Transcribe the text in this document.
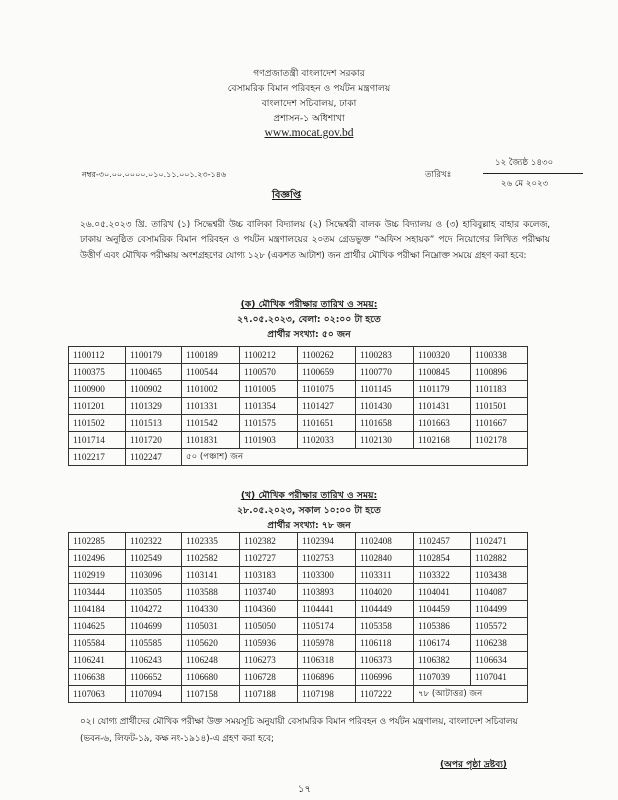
গণপ্রজাতন্ত্রী বাংলাদেশ সরকার
বেসামরিক বিমান পরিবহন ও পর্যটন মন্ত্রণালয়
বাংলাদেশ সচিবালয়, ঢাকা
প্রশাসন-১ অধিশাখা
www.mocat.gov.bd
নম্বর-৩০.০০.০০০০.০১০.১১.০০১.২৩-১৪৬	তারিখঃ
১২ জ্যৈষ্ঠ ১৪৩০
২৬ মে ২০২৩
বিজ্ঞপ্তি
২৬.০৫.২০২৩ খ্রি. তারিখ (১) সিদ্ধেশ্বরী উচ্চ বালিকা বিদ্যালয় (২) সিদ্ধেশ্বরী বালক উচ্চ বিদ্যালয় ও (৩) হাবিবুল্লাহ বাহার কলেজ, ঢাকায় অনুষ্ঠিত বেসামরিক বিমান পরিবহন ও পর্যটন মন্ত্রণালয়ের ২০তম গ্রেডভুক্ত “অফিস সহায়ক” পদে নিয়োগের লিখিত পরীক্ষায় উত্তীর্ণ এবং মৌখিক পরীক্ষায় অংশগ্রহণের যোগ্য ১২৮ (একশত আটাশ) জন প্রার্থীর মৌখিক পরীক্ষা নিম্নোক্ত সময়ে গ্রহণ করা হবে:
(ক) মৌখিক পরীক্ষার তারিখ ও সময়:
২৭.০৫.২০২৩, বেলা: ০২:০০ টা হতে
প্রার্থীর সংখ্যা: ৫০ জন
1100112	1100179	1100189	1100212	1100262	1100283	1100320	1100338
1100375	1100465	1100544	1100570	1100659	1100770	1100845	1100896
1100900	1100902	1101002	1101005	1101075	1101145	1101179	1101183
1101201	1101329	1101331	1101354	1101427	1101430	1101431	1101501
1101502	1101513	1101542	1101575	1101651	1101658	1101663	1101667
1101714	1101720	1101831	1101903	1102033	1102130	1102168	1102178
1102217	1102247	৫০ (পঞ্চাশ) জন					
(খ) মৌখিক পরীক্ষার তারিখ ও সময়:
২৮.০৫.২০২৩, সকাল ১০:০০ টা হতে
প্রার্থীর সংখ্যা: ৭৮ জন
1102285	1102322	1102335	1102382	1102394	1102408	1102457	1102471
1102496	1102549	1102582	1102727	1102753	1102840	1102854	1102882
1102919	1103096	1103141	1103183	1103300	1103311	1103322	1103438
1103444	1103505	1103588	1103740	1103893	1104020	1104041	1104087
1104184	1104272	1104330	1104360	1104441	1104449	1104459	1104499
1104625	1104699	1105031	1105050	1105174	1105358	1105386	1105572
1105584	1105585	1105620	1105936	1105978	1106118	1106174	1106238
1106241	1106243	1106248	1106273	1106318	1106373	1106382	1106634
1106638	1106652	1106680	1106728	1106896	1106996	1107039	1107041
1107063	1107094	1107158	1107188	1107198	1107222	৭৮ (আটাত্তর) জন	
০২। যোগ্য প্রার্থীদের মৌখিক পরীক্ষা উক্ত সময়সূচি অনুযায়ী বেসামরিক বিমান পরিবহন ও পর্যটন মন্ত্রণালয়, বাংলাদেশ সচিবালয় (ভবন-৬, লিফট-১৯, কক্ষ নং-১৯১৪)-এ গ্রহণ করা হবে;
(অপর পৃষ্ঠা দ্রষ্টব্য)
১৭
